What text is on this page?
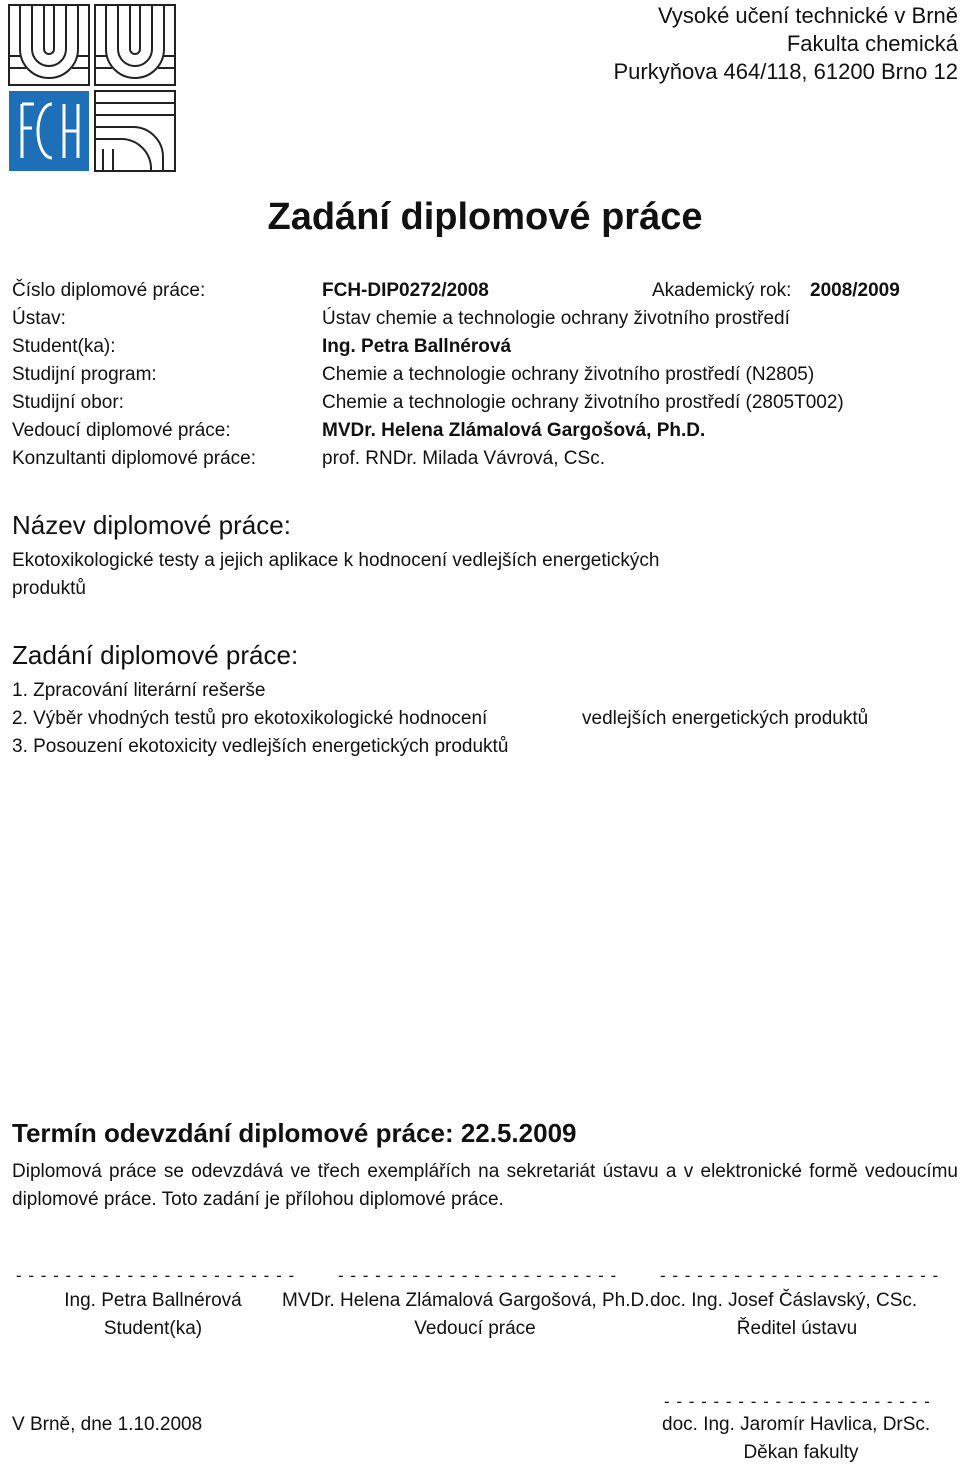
Vysoké učení technické v Brně
Fakulta chemická
Purkyňova 464/118, 61200 Brno 12
Zadání diplomové práce
Číslo diplomové práce:	FCH-DIP0272/2008	Akademický rok: 2008/2009
Ústav:	Ústav chemie a technologie ochrany životního prostředí
Student(ka):	Ing. Petra Ballnérová
Studijní program:	Chemie a technologie ochrany životního prostředí (N2805)
Studijní obor:	Chemie a technologie ochrany životního prostředí (2805T002)
Vedoucí diplomové práce:	MVDr. Helena Zlámalová Gargošová, Ph.D.
Konzultanti diplomové práce:	prof. RNDr. Milada Vávrová, CSc.
Název diplomové práce:
Ekotoxikologické testy a jejich aplikace k hodnocení vedlejších energetických
produktů
Zadání diplomové práce:
1. Zpracování literární rešerše
2. Výběr vhodných testů pro ekotoxikologické hodnocení	vedlejších energetických produktů
3. Posouzení ekotoxicity vedlejších energetických produktů
Termín odevzdání diplomové práce: 22.5.2009
Diplomová práce se odevzdává ve třech exemplářích na sekretariát ústavu a v elektronické formě vedoucímu diplomové práce. Toto zadání je přílohou diplomové práce.
- - - - - - - - - - - - - - - - - - - - - - -	- - - - - - - - - - - - - - - - - - - - - - -	- - - - - - - - - - - - - - - - - - - - - - -
Ing. Petra Ballnérová
Student(ka)
MVDr. Helena Zlámalová Gargošová, Ph.D.
Vedoucí práce
doc. Ing. Josef Čáslavský, CSc.
Ředitel ústavu
- - - - - - - - - - - - - - - - - - - - - -
doc. Ing. Jaromír Havlica, DrSc.
Děkan fakulty
V Brně, dne 1.10.2008
